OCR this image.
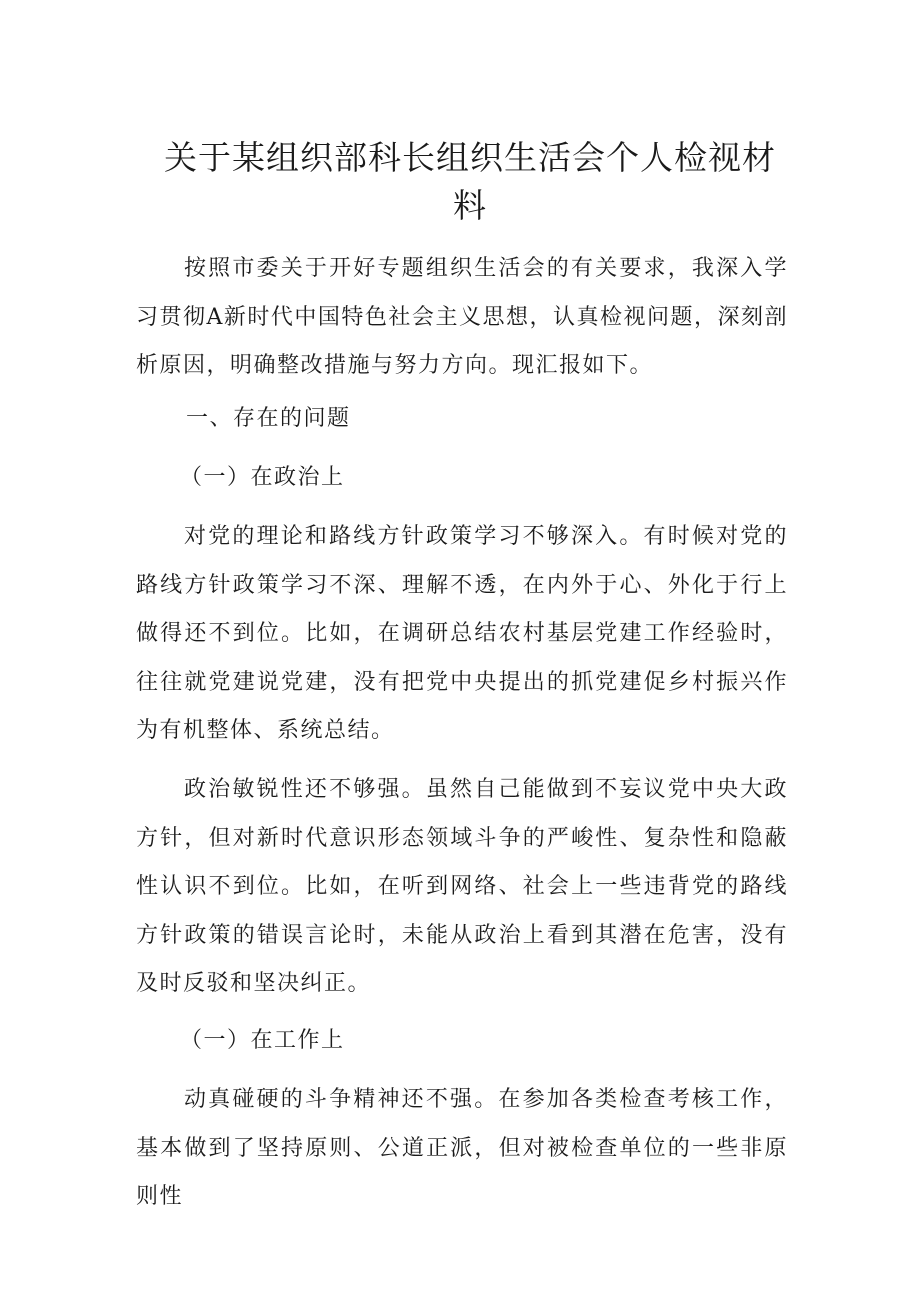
关于某组织部科长组织生活会个人检视材料

按照市委关于开好专题组织生活会的有关要求，我深入学习贯彻A新时代中国特色社会主义思想，认真检视问题，深刻剖析原因，明确整改措施与努力方向。现汇报如下。

一、存在的问题

（一）在政治上

对党的理论和路线方针政策学习不够深入。有时候对党的路线方针政策学习不深、理解不透，在内外于心、外化于行上做得还不到位。比如，在调研总结农村基层党建工作经验时，往往就党建说党建，没有把党中央提出的抓党建促乡村振兴作为有机整体、系统总结。

政治敏锐性还不够强。虽然自己能做到不妄议党中央大政方针，但对新时代意识形态领域斗争的严峻性、复杂性和隐蔽性认识不到位。比如，在听到网络、社会上一些违背党的路线方针政策的错误言论时，未能从政治上看到其潜在危害，没有及时反驳和坚决纠正。

（一）在工作上

动真碰硬的斗争精神还不强。在参加各类检查考核工作，基本做到了坚持原则、公道正派，但对被检查单位的一些非原则性
